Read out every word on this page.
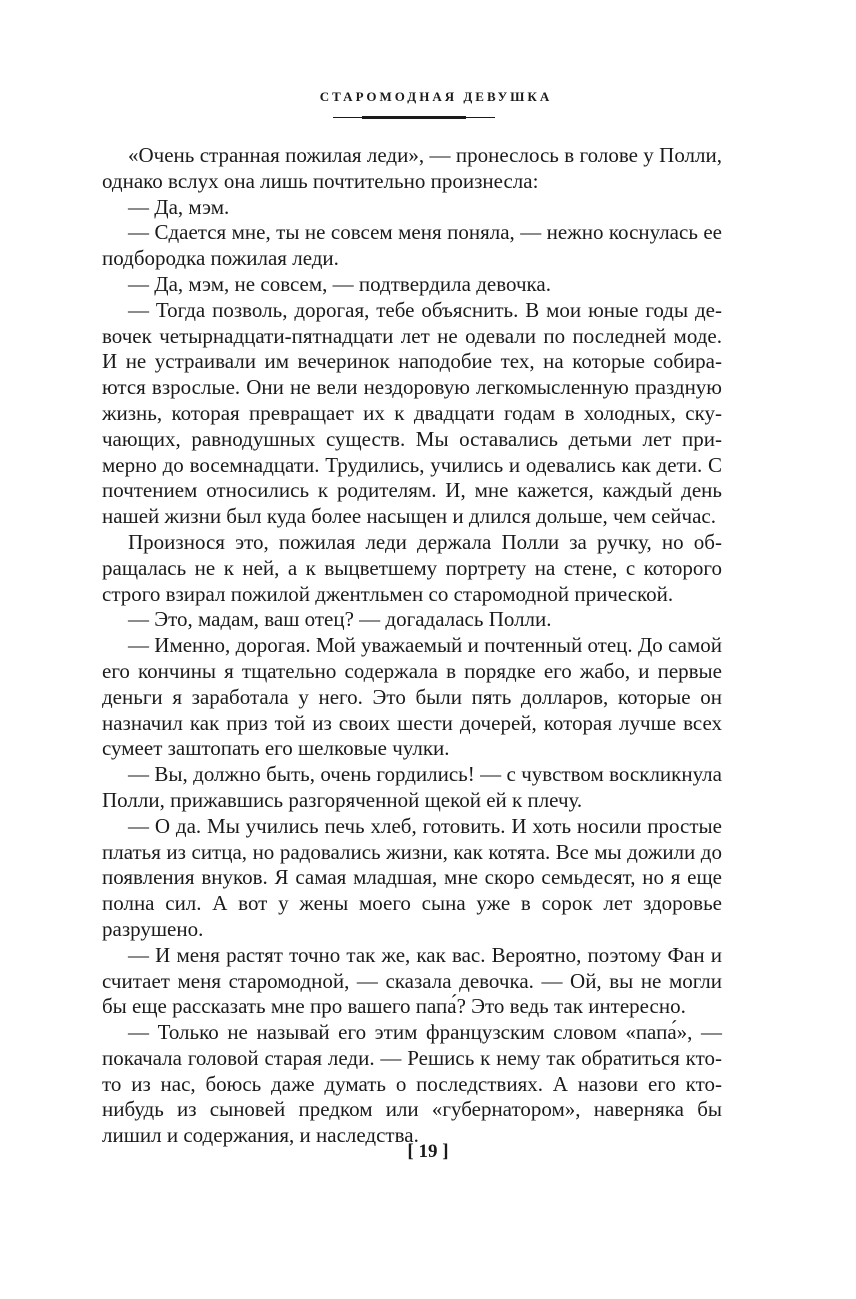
СТАРОМОДНАЯ ДЕВУШКА

«Очень странная пожилая леди», — пронеслось в голове у Полли, однако вслух она лишь почтительно произнесла:

— Да, мэм.

— Сдается мне, ты не совсем меня поняла, — нежно коснулась ее подбородка пожилая леди.

— Да, мэм, не совсем, — подтвердила девочка.

— Тогда позволь, дорогая, тебе объяснить. В мои юные годы девочек четырнадцати-пятнадцати лет не одевали по последней моде. И не устраивали им вечеринок наподобие тех, на которые собираются взрослые. Они не вели нездоровую легкомысленную праздную жизнь, которая превращает их к двадцати годам в холодных, скучающих, равнодушных существ. Мы оставались детьми лет примерно до восемнадцати. Трудились, учились и одевались как дети. С почтением относились к родителям. И, мне кажется, каждый день нашей жизни был куда более насыщен и длился дольше, чем сейчас.

Произнося это, пожилая леди держала Полли за ручку, но обращалась не к ней, а к выцветшему портрету на стене, с которого строго взирал пожилой джентльмен со старомодной прической.

— Это, мадам, ваш отец? — догадалась Полли.

— Именно, дорогая. Мой уважаемый и почтенный отец. До самой его кончины я тщательно содержала в порядке его жабо, и первые деньги я заработала у него. Это были пять долларов, которые он назначил как приз той из своих шести дочерей, которая лучше всех сумеет заштопать его шелковые чулки.

— Вы, должно быть, очень гордились! — с чувством воскликнула Полли, прижавшись разгоряченной щекой ей к плечу.

— О да. Мы учились печь хлеб, готовить. И хоть носили простые платья из ситца, но радовались жизни, как котята. Все мы дожили до появления внуков. Я самая младшая, мне скоро семьдесят, но я еще полна сил. А вот у жены моего сына уже в сорок лет здоровье разрушено.

— И меня растят точно так же, как вас. Вероятно, поэтому Фан и считает меня старомодной, — сказала девочка. — Ой, вы не могли бы еще рассказать мне про вашего папа́? Это ведь так интересно.

— Только не называй его этим французским словом «папа́», — покачала головой старая леди. — Решись к нему так обратиться кто-то из нас, боюсь даже думать о последствиях. А назови его кто-нибудь из сыновей предком или «губернатором», наверняка бы лишил и содержания, и наследства.

[ 19 ]
